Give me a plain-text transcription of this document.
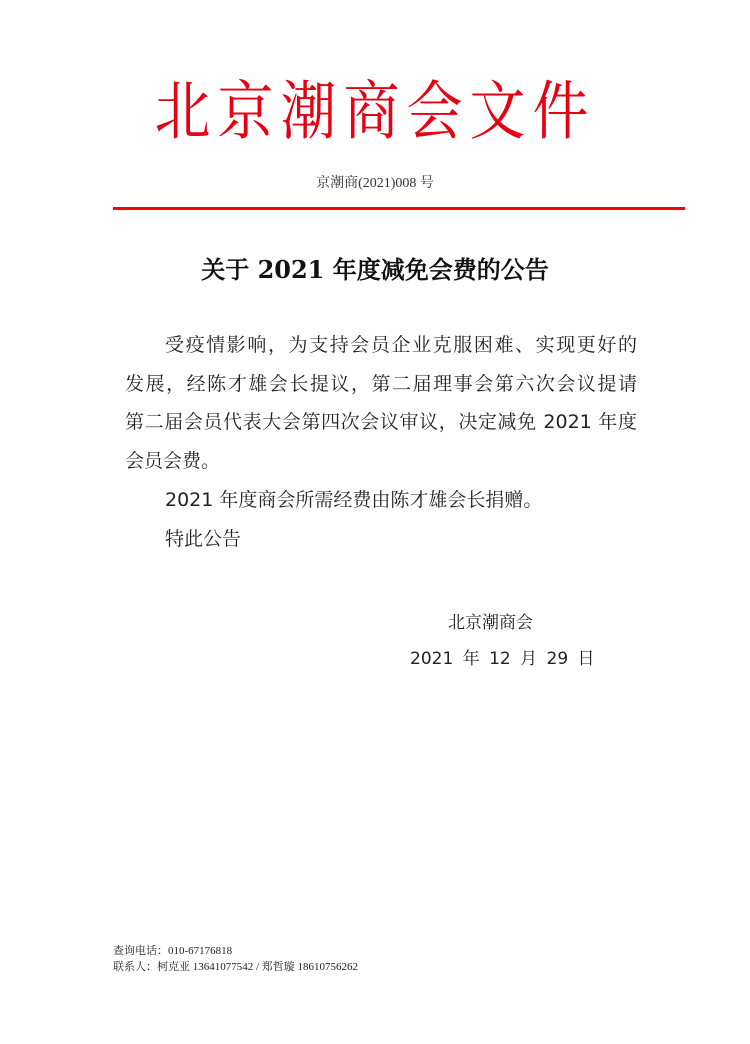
北京潮商会文件
京潮商(2021)008 号
关于 2021 年度减免会费的公告
受疫情影响，为支持会员企业克服困难、实现更好的
发展，经陈才雄会长提议，第二届理事会第六次会议提请
第二届会员代表大会第四次会议审议，决定减免 2021 年度
会员会费。
2021 年度商会所需经费由陈才雄会长捐赠。
特此公告
北京潮商会
2021 年 12 月 29 日
查询电话：010-67176818
联系人：柯克亚 13641077542 / 郑哲璇 18610756262
